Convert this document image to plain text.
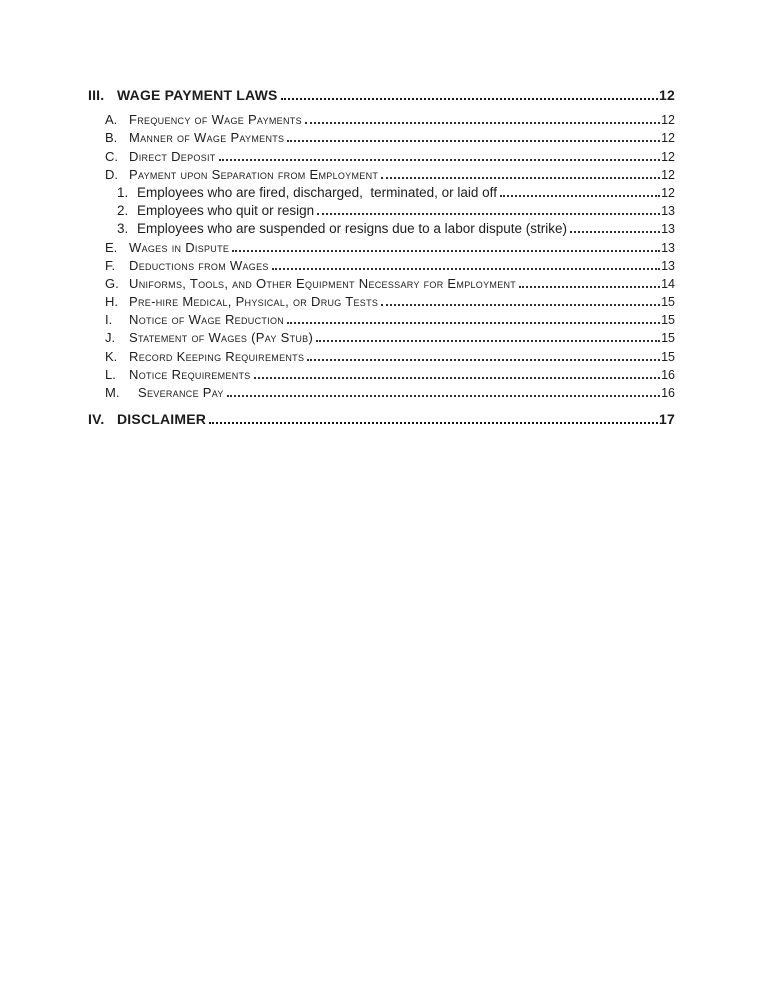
III. WAGE PAYMENT LAWS	12
A. Frequency of Wage Payments	12
B. Manner of Wage Payments	12
C. Direct Deposit	12
D. Payment upon Separation from Employment	12
1. Employees who are fired, discharged,  terminated, or laid off	12
2. Employees who quit or resign	13
3. Employees who are suspended or resigns due to a labor dispute (strike)	13
E. Wages in Dispute	13
F.	Deductions from Wages	13
G. Uniforms, Tools, and Other Equipment Necessary for Employment	14
H. Pre-hire Medical, Physical, or Drug Tests	15
I.	Notice of Wage Reduction	15
J.	Statement of Wages (Pay Stub)	15
K. Record Keeping Requirements	15
L.	Notice Requirements	16
M.	Severance Pay	16
IV. DISCLAIMER	17
